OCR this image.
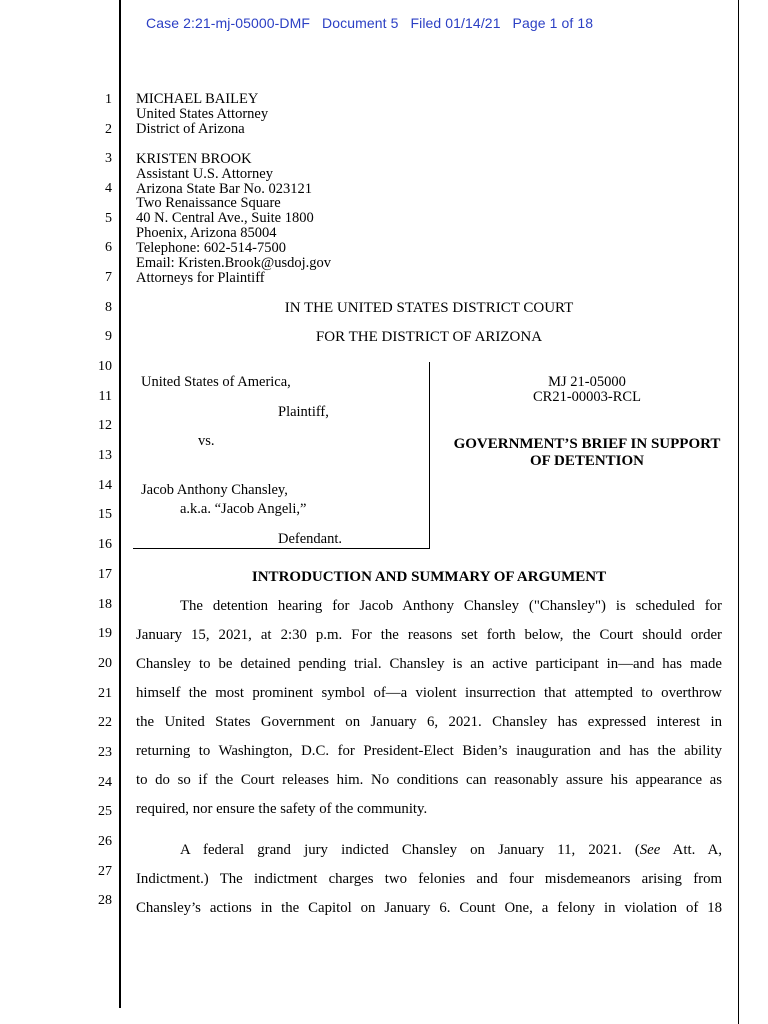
Case 2:21-mj-05000-DMF   Document 5   Filed 01/14/21   Page 1 of 18
1
2
3
4
5
6
7
8
9
10
11
12
13
14
15
16
17
18
19
20
21
22
23
24
25
26
27
28
MICHAEL BAILEY
United States Attorney
District of Arizona
KRISTEN BROOK
Assistant U.S. Attorney
Arizona State Bar No. 023121
Two Renaissance Square
40 N. Central Ave., Suite 1800
Phoenix, Arizona 85004
Telephone: 602-514-7500
Email: Kristen.Brook@usdoj.gov
Attorneys for Plaintiff
IN THE UNITED STATES DISTRICT COURT
FOR THE DISTRICT OF ARIZONA
United States of America,
Plaintiff,
vs.
Jacob Anthony Chansley,
a.k.a. “Jacob Angeli,”
Defendant.
MJ 21-05000
CR21-00003-RCL
GOVERNMENT’S BRIEF IN SUPPORT
OF DETENTION
INTRODUCTION AND SUMMARY OF ARGUMENT
The detention hearing for Jacob Anthony Chansley ("Chansley") is scheduled for
January 15, 2021, at 2:30 p.m. For the reasons set forth below, the Court should order
Chansley to be detained pending trial. Chansley is an active participant in—and has made
himself the most prominent symbol of—a violent insurrection that attempted to overthrow
the United States Government on January 6, 2021. Chansley has expressed interest in
returning to Washington, D.C. for President-Elect Biden’s inauguration and has the ability
to do so if the Court releases him. No conditions can reasonably assure his appearance as
required, nor ensure the safety of the community.
A federal grand jury indicted Chansley on January 11, 2021. (See Att. A,
Indictment.) The indictment charges two felonies and four misdemeanors arising from
Chansley’s actions in the Capitol on January 6. Count One, a felony in violation of 18
